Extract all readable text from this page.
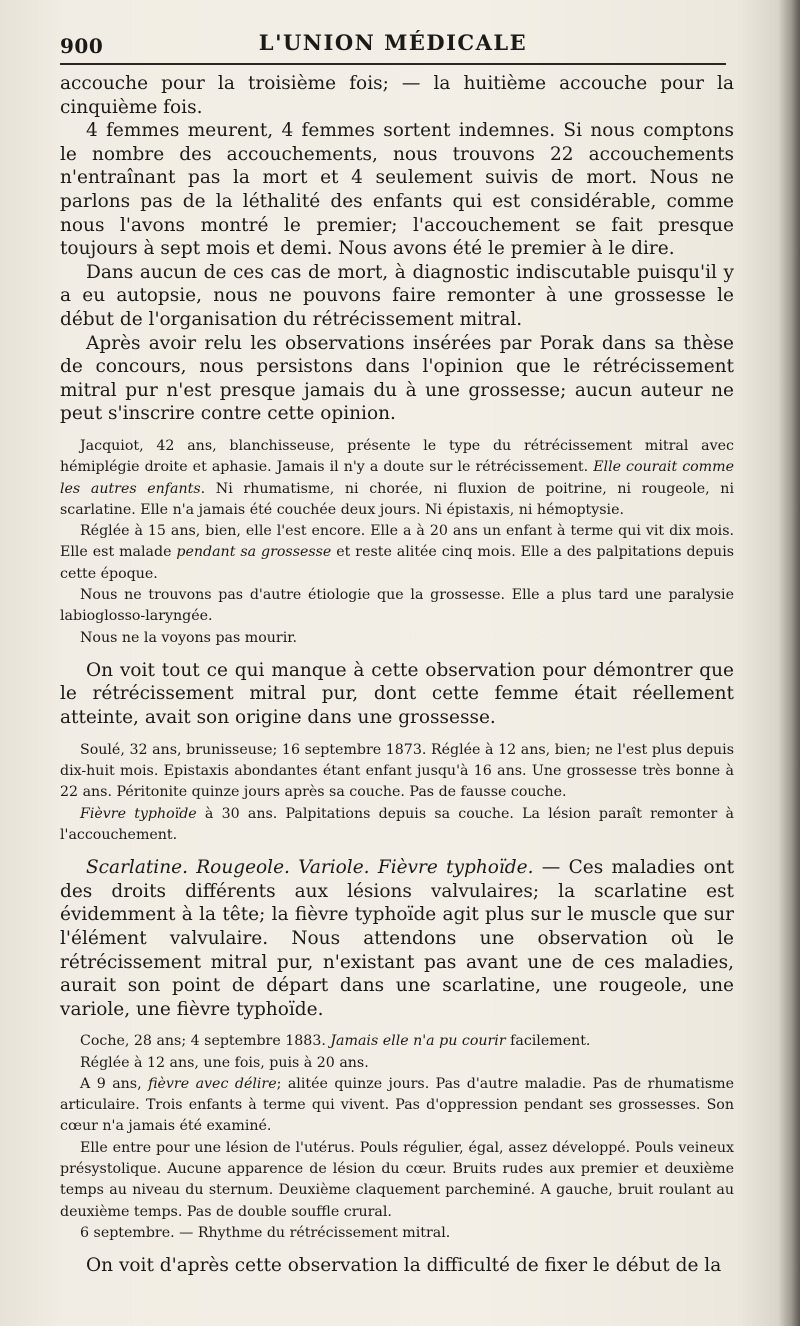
900	L'UNION MÉDICALE

accouche pour la troisième fois; — la huitième accouche pour la cinquième fois.

4 femmes meurent, 4 femmes sortent indemnes. Si nous comptons le nombre des accouchements, nous trouvons 22 accouchements n'entraînant pas la mort et 4 seulement suivis de mort. Nous ne parlons pas de la léthalité des enfants qui est considérable, comme nous l'avons montré le premier; l'accouchement se fait presque toujours à sept mois et demi. Nous avons été le premier à le dire.

Dans aucun de ces cas de mort, à diagnostic indiscutable puisqu'il y a eu autopsie, nous ne pouvons faire remonter à une grossesse le début de l'organisation du rétrécissement mitral.

Après avoir relu les observations insérées par Porak dans sa thèse de concours, nous persistons dans l'opinion que le rétrécissement mitral pur n'est presque jamais du à une grossesse; aucun auteur ne peut s'inscrire contre cette opinion.

Jacquiot, 42 ans, blanchisseuse, présente le type du rétrécissement mitral avec hémiplégie droite et aphasie. Jamais il n'y a doute sur le rétrécissement. Elle courait comme les autres enfants. Ni rhumatisme, ni chorée, ni fluxion de poitrine, ni rougeole, ni scarlatine. Elle n'a jamais été couchée deux jours. Ni épistaxis, ni hémoptysie.

Réglée à 15 ans, bien, elle l'est encore. Elle a à 20 ans un enfant à terme qui vit dix mois. Elle est malade pendant sa grossesse et reste alitée cinq mois. Elle a des palpitations depuis cette époque.

Nous ne trouvons pas d'autre étiologie que la grossesse. Elle a plus tard une paralysie labioglosso-laryngée.

Nous ne la voyons pas mourir.

On voit tout ce qui manque à cette observation pour démontrer que le rétrécissement mitral pur, dont cette femme était réellement atteinte, avait son origine dans une grossesse.

Soulé, 32 ans, brunisseuse; 16 septembre 1873. Réglée à 12 ans, bien; ne l'est plus depuis dix-huit mois. Epistaxis abondantes étant enfant jusqu'à 16 ans. Une grossesse très bonne à 22 ans. Péritonite quinze jours après sa couche. Pas de fausse couche.

Fièvre typhoïde à 30 ans. Palpitations depuis sa couche. La lésion paraît remonter à l'accouchement.

Scarlatine. Rougeole. Variole. Fièvre typhoïde. — Ces maladies ont des droits différents aux lésions valvulaires; la scarlatine est évidemment à la tête; la fièvre typhoïde agit plus sur le muscle que sur l'élément valvulaire. Nous attendons une observation où le rétrécissement mitral pur, n'existant pas avant une de ces maladies, aurait son point de départ dans une scarlatine, une rougeole, une variole, une fièvre typhoïde.

Coche, 28 ans; 4 septembre 1883. Jamais elle n'a pu courir facilement.

Réglée à 12 ans, une fois, puis à 20 ans.

A 9 ans, fièvre avec délire; alitée quinze jours. Pas d'autre maladie. Pas de rhumatisme articulaire. Trois enfants à terme qui vivent. Pas d'oppression pendant ses grossesses. Son cœur n'a jamais été examiné.

Elle entre pour une lésion de l'utérus. Pouls régulier, égal, assez développé. Pouls veineux présystolique. Aucune apparence de lésion du cœur. Bruits rudes aux premier et deuxième temps au niveau du sternum. Deuxième claquement parcheminé. A gauche, bruit roulant au deuxième temps. Pas de double souffle crural.

6 septembre. — Rhythme du rétrécissement mitral.

On voit d'après cette observation la difficulté de fixer le début de la
